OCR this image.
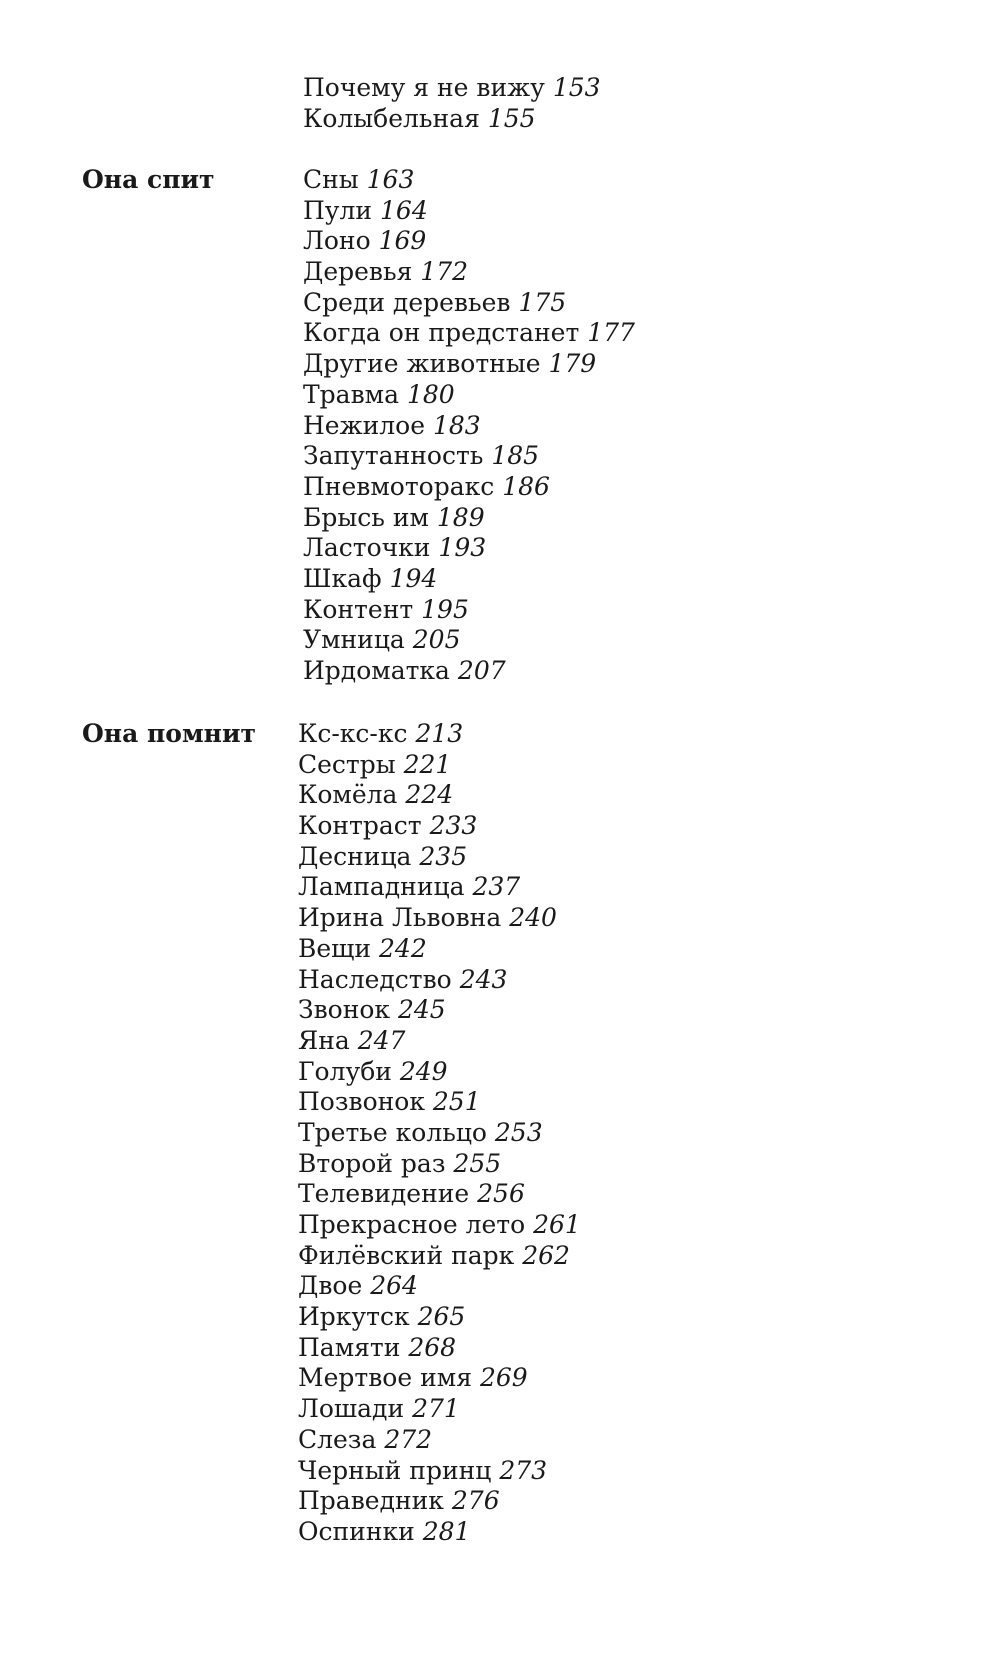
Почему я не вижу 153
Колыбельная 155
Она спит	Сны 163
Пули 164
Лоно 169
Деревья 172
Среди деревьев 175
Когда он предстанет 177
Другие животные 179
Травма 180
Нежилое 183
Запутанность 185
Пневмоторакс 186
Брысь им 189
Ласточки 193
Шкаф 194
Контент 195
Умница 205
Ирдоматка 207
Она помнит Кс-кс-кс 213
Сестры 221
Комёла 224
Контраст 233
Десница 235
Лампадница 237
Ирина Львовна 240
Вещи 242
Наследство 243
Звонок 245
Яна 247
Голуби 249
Позвонок 251
Третье кольцо 253
Второй раз 255
Телевидение 256
Прекрасное лето 261
Филёвский парк 262
Двое 264
Иркутск 265
Памяти 268
Мертвое имя 269
Лошади 271
Слеза 272
Черный принц 273
Праведник 276
Оспинки 281
